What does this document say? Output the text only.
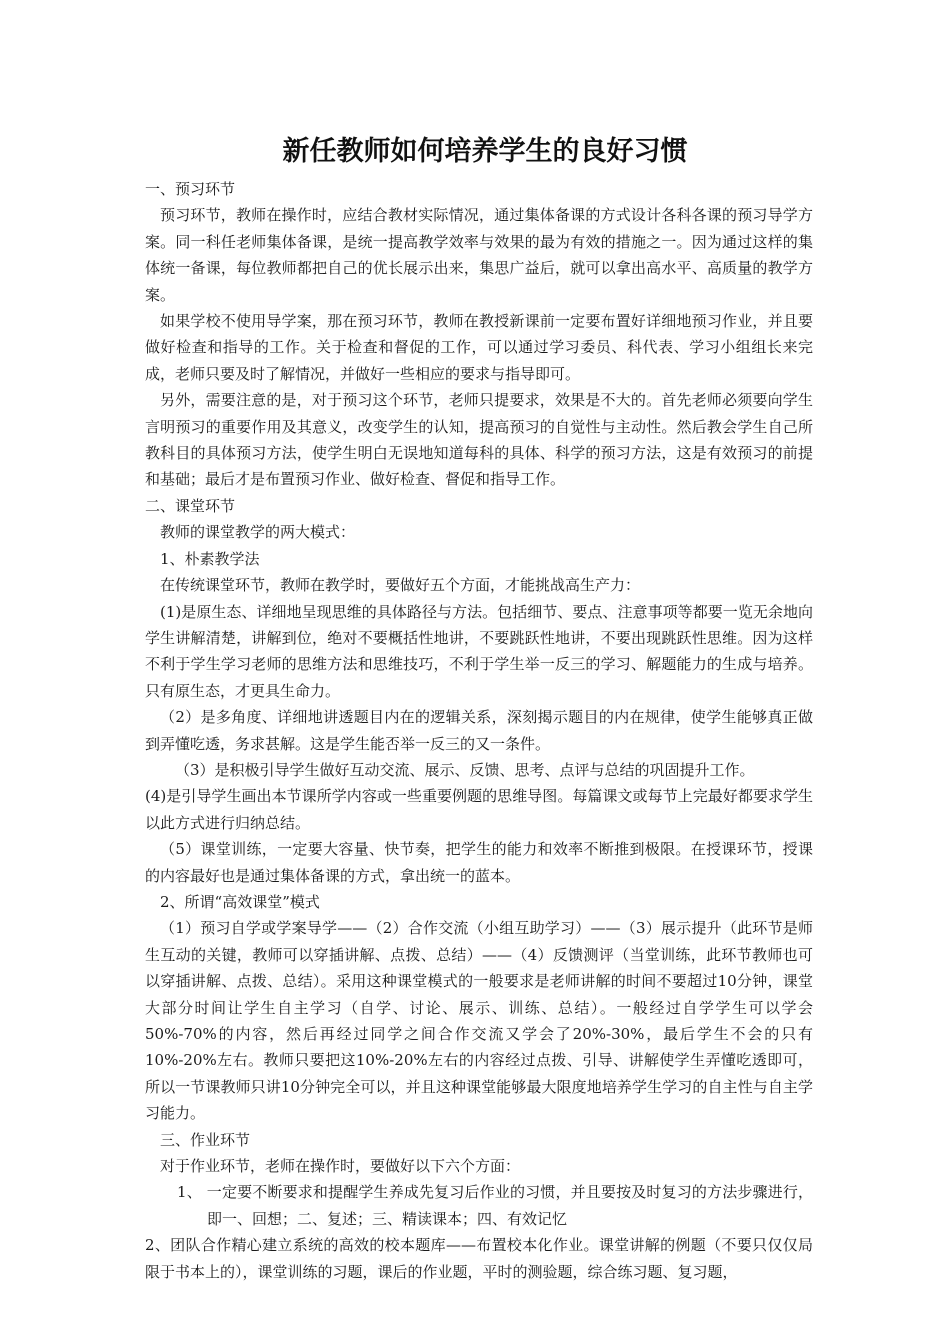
新任教师如何培养学生的良好习惯

一、预习环节

预习环节，教师在操作时，应结合教材实际情况，通过集体备课的方式设计各科各课的预习导学方案。同一科任老师集体备课，是统一提高教学效率与效果的最为有效的措施之一。因为通过这样的集体统一备课，每位教师都把自己的优长展示出来，集思广益后，就可以拿出高水平、高质量的教学方案。

如果学校不使用导学案，那在预习环节，教师在教授新课前一定要布置好详细地预习作业，并且要做好检查和指导的工作。关于检查和督促的工作，可以通过学习委员、科代表、学习小组组长来完成，老师只要及时了解情况，并做好一些相应的要求与指导即可。

另外，需要注意的是，对于预习这个环节，老师只提要求，效果是不大的。首先老师必须要向学生言明预习的重要作用及其意义，改变学生的认知，提高预习的自觉性与主动性。然后教会学生自己所教科目的具体预习方法，使学生明白无误地知道每科的具体、科学的预习方法，这是有效预习的前提和基础；最后才是布置预习作业、做好检查、督促和指导工作。

二、课堂环节

教师的课堂教学的两大模式：

1、朴素教学法

在传统课堂环节，教师在教学时，要做好五个方面，才能挑战高生产力：

(1)是原生态、详细地呈现思维的具体路径与方法。包括细节、要点、注意事项等都要一览无余地向学生讲解清楚，讲解到位，绝对不要概括性地讲，不要跳跃性地讲，不要出现跳跃性思维。因为这样不利于学生学习老师的思维方法和思维技巧，不利于学生举一反三的学习、解题能力的生成与培养。只有原生态，才更具生命力。

（2）是多角度、详细地讲透题目内在的逻辑关系，深刻揭示题目的内在规律，使学生能够真正做到弄懂吃透，务求甚解。这是学生能否举一反三的又一条件。

（3）是积极引导学生做好互动交流、展示、反馈、思考、点评与总结的巩固提升工作。

(4)是引导学生画出本节课所学内容或一些重要例题的思维导图。每篇课文或每节上完最好都要求学生以此方式进行归纳总结。

（5）课堂训练，一定要大容量、快节奏，把学生的能力和效率不断推到极限。在授课环节，授课的内容最好也是通过集体备课的方式，拿出统一的蓝本。

2、所谓“高效课堂”模式

（1）预习自学或学案导学——（2）合作交流（小组互助学习）——（3）展示提升（此环节是师生互动的关键，教师可以穿插讲解、点拨、总结）——（4）反馈测评（当堂训练，此环节教师也可以穿插讲解、点拨、总结）。采用这种课堂模式的一般要求是老师讲解的时间不要超过10分钟，课堂大部分时间让学生自主学习（自学、讨论、展示、训练、总结）。一般经过自学学生可以学会50%-70%的内容，然后再经过同学之间合作交流又学会了20%-30%，最后学生不会的只有10%-20%左右。教师只要把这10%-20%左右的内容经过点拨、引导、讲解使学生弄懂吃透即可，所以一节课教师只讲10分钟完全可以，并且这种课堂能够最大限度地培养学生学习的自主性与自主学习能力。

三、作业环节

对于作业环节，老师在操作时，要做好以下六个方面：

1、 一定要不断要求和提醒学生养成先复习后作业的习惯，并且要按及时复习的方法步骤进行，即一、回想；二、复述；三、精读课本；四、有效记忆

2、团队合作精心建立系统的高效的校本题库——布置校本化作业。课堂讲解的例题（不要只仅仅局限于书本上的），课堂训练的习题，课后的作业题，平时的测验题，综合练习题、复习题，
